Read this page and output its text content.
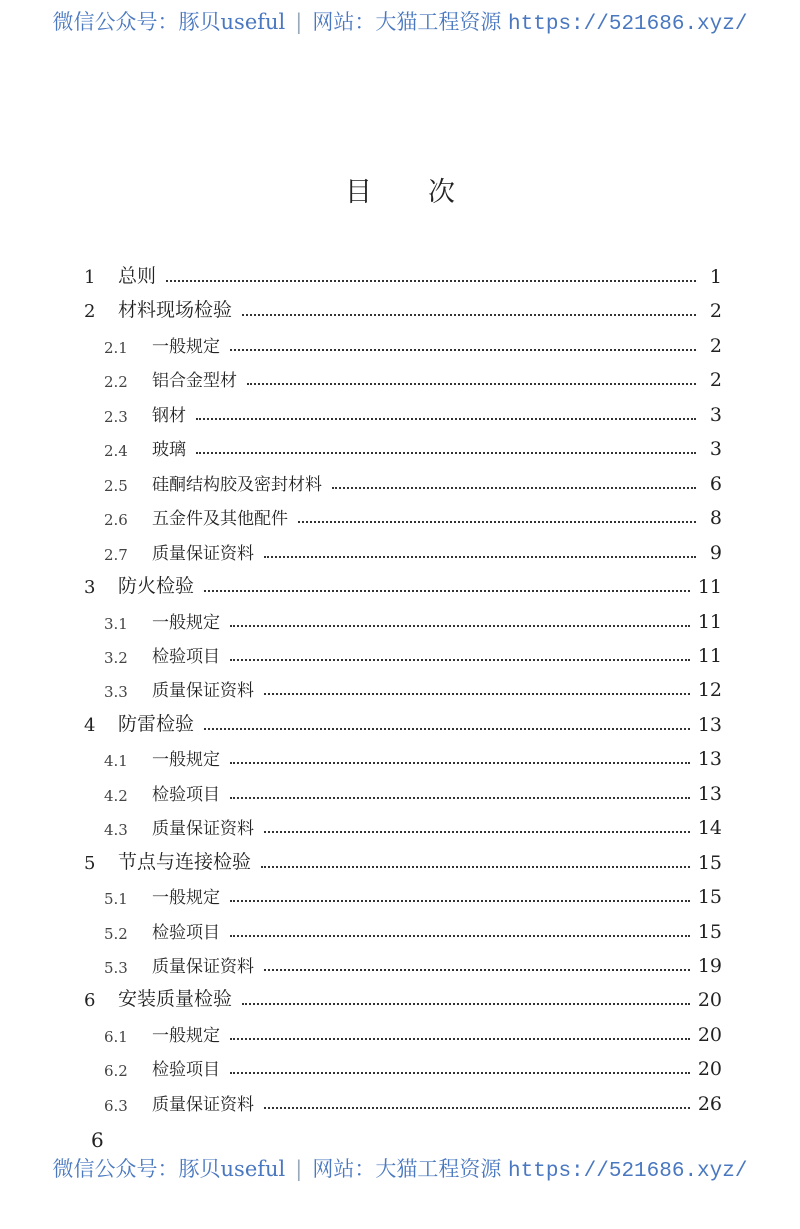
微信公众号：豚贝useful | 网站：大猫工程资源 https://521686.xyz/
目次
1	总则	1
2	材料现场检验	2
2.1	一般规定	2
2.2	铝合金型材	2
2.3	钢材	3
2.4	玻璃	3
2.5	硅酮结构胶及密封材料	6
2.6	五金件及其他配件	8
2.7	质量保证资料	9
3	防火检验	11
3.1	一般规定	11
3.2	检验项目	11
3.3	质量保证资料	12
4	防雷检验	13
4.1	一般规定	13
4.2	检验项目	13
4.3	质量保证资料	14
5	节点与连接检验	15
5.1	一般规定	15
5.2	检验项目	15
5.3	质量保证资料	19
6	安装质量检验	20
6.1	一般规定	20
6.2	检验项目	20
6.3	质量保证资料	26
6
微信公众号：豚贝useful | 网站：大猫工程资源 https://521686.xyz/
